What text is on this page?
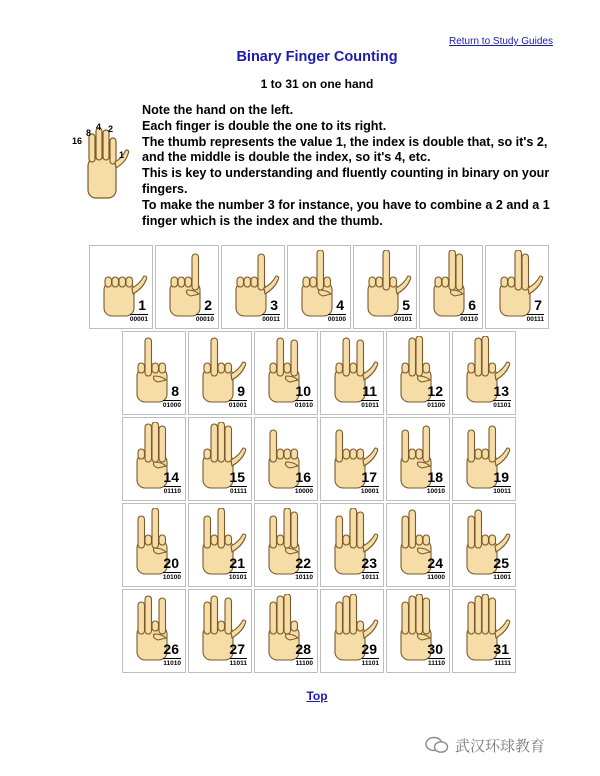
Return to Study Guides
Binary Finger Counting
1 to 31 on one hand
16
8
4 2
1

Note the hand on the left.

Each finger is double the one to its right.

The thumb represents the value 1, the index is double that, so it's 2, and the middle is double the index, so it's 4, etc.

This is key to understanding and fluently counting in binary on your fingers.

To make the number 3 for instance, you have to combine a 2 and a 1 finger which is the index and the thumb.

1
00001
2
00010
3
00011
4
00100
5
00101
6
00110
7
00111
8
01000
9
01001
10
01010
11
01011
12
01100
13
01101
14
01110
15
01111
16
10000
17
10001
18
10010
19
10011
20
10100
21
10101
22
10110
23
10111
24
11000
25
11001
26
11010
27
11011
28
11100
29
11101
30
11110
31
11111
Top
武汉环球教育
